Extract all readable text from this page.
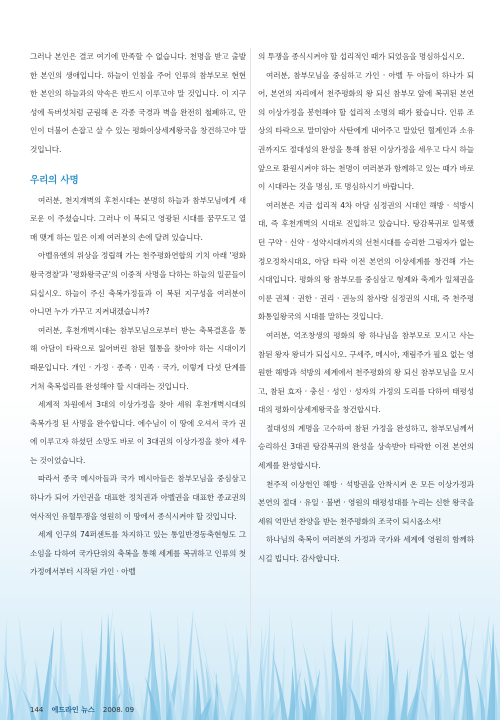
그러나 본인은 결코 여기에 만족할 수 없습니다. 천명을 받고 출발한 본인의 생애입니다. 하늘이 인침을 주어 인류의 참부모로 현현한 본인의 하늘과의 약속은 반드시 이루고야 말 것입니다. 이 지구성에 독버섯처럼 군림해 온 각종 국경과 벽을 완전히 철폐하고, 만인이 더불어 손잡고 살 수 있는 평화이상세계왕국을 창건하고야 말 것입니다.

우리의 사명

여러분, 천지개벽의 후천시대는 분명히 하늘과 참부모님에게 새로운 이 주셨습니다. 그러나 이 복되고 영광된 시대를 꿈꾸도고 열매 맺게 하는 일은 이제 여러분의 손에 달려 있습니다.

아벨유엔의 위상을 정립해 가는 천주평화연합의 기치 아래 '평화왕국경찰'과 '평화왕국군'의 이중적 사명을 다하는 하늘의 일꾼들이 되십시오. 하늘이 주신 축복가정들과 이 복된 지구성을 여러분이 아니면 누가 가꾸고 지켜내겠습니까?

여러분, 후천개벽시대는 참부모님으로부터 받는 축복결혼을 통해 아담이 타락으로 잃어버린 참된 혈통을 찾아야 하는 시대이기 때문입니다. 개인 · 가정 · 종족 · 민족 · 국가, 이렇게 다섯 단계를 거쳐 축복섭리를 완성해야 할 시대라는 것입니다.

세계적 차원에서 3대의 이상가정을 찾아 세워 후천개벽시대의 축복가정 된 사명을 완수합니다. 에수님이 이 땅에 오셔서 국가 권에 이루고자 하셨던 소망도 바로 이 3대권의 이상가정을 찾아 세우는 것이었습니다.

따라서 종국 메시아들과 국가 메시아들은 참부모님을 중심삼고 하나가 되어 가인권을 대표한 정치권과 아벨권을 대표한 종교권의 역사적인 유혈투쟁을 영원히 이 땅에서 종식시켜야 할 것입니다.

세계 인구의 74퍼센트를 차지하고 있는 통일반경동축현형도 그 소임을 다하여 국가단위의 축복을 통해 세계를 복귀하고 인류의 첫 가정에서부터 시작된 가인 · 아벨

의 투쟁을 종식시켜야 할 섭리적인 때가 되었음을 명심하십시오.

여러분, 참부모님을 중심하고 가인 · 아벨 두 아들이 하나가 되어, 본연의 자리에서 천주평화의 왕 되신 참부모 앞에 복귀된 본연의 이상가정을 봉헌해야 할 섭리적 소명의 때가 왔습니다. 인류 조상의 타락으로 말미암아 사탄에게 내어주고 말았던 혈계인과 소유권까지도 절대성의 완성을 통해 참된 이상가정을 세우고 다시 하늘 앞으로 환원시켜야 하는 천명이 여러분과 함께하고 있는 때가 바로 이 시대라는 것을 명심, 또 명심하시기 바랍니다.

여러분은 지금 섭리적 4차 아담 심정권의 시대인 해방 · 석방시대, 즉 후천개벽의 시대로 진입하고 있습니다. 탕감복귀로 일목했던 구약 · 신약 · 성약시대까지의 선천시대를 승리한 그림자가 없는 정오정착시대요, 아담 타락 이전 본연의 이상세계를 창건해 가는 시대입니다. 평화의 왕 참부모를 중심삼고 형제와 축계가 일체권을 이룬 권체 · 권한 · 권리 · 권능의 참사랑 심정권의 시대, 즉 천주평화통일왕국의 시대를 말하는 것입니다.

여러분, 억조창생의 평화의 왕 하나님을 참부모로 모시고 사는 참된 왕자 왕녀가 되십시오. 구세주, 메시아, 재림주가 필요 없는 영원한 해방과 석방의 세계에서 천주평화의 왕 되신 참부모님을 모시고, 참된 효자 · 충신 · 성인 · 성자의 가정의 도리를 다하여 태평성대의 평화이상세계왕국을 창건합시다.

절대성의 계명을 고수하여 참된 가정을 완성하고, 참부모님께서 승리하신 3대권 탕감복귀의 완성을 상속받아 타락한 이전 본연의 세계를 완성합시다.

천주적 이상헌인 해방 · 석방권을 안착시켜 온 모든 이상가정과 본연의 절대 · 유일 · 불변 · 영원의 태평성대를 누리는 신한 왕국을 세워 억만년 찬양을 받는 천주평화의 조국이 되시옵소서!

하나님의 축복이 여러분의 가정과 국가와 세계에 영원히 함께하시길 빕니다. 감사합니다.

144 에드라인 뉴스 2008. 09
